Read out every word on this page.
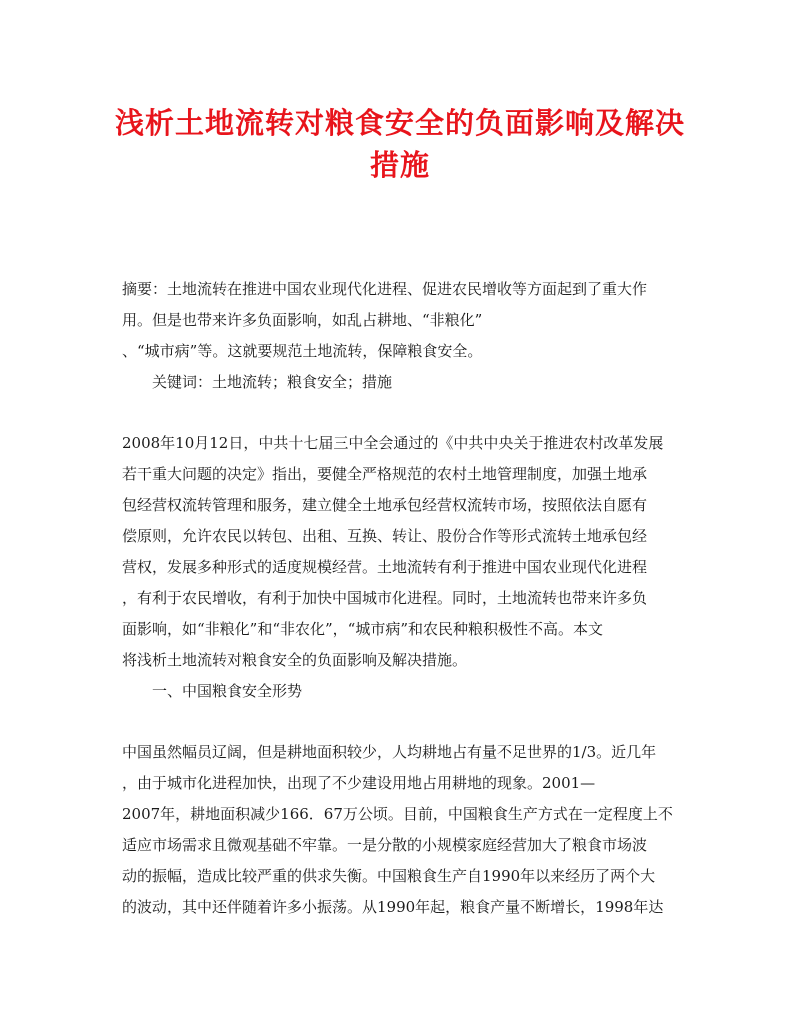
浅析土地流转对粮食安全的负面影响及解决
措施
摘要：土地流转在推进中国农业现代化进程、促进农民增收等方面起到了重大作
用。但是也带来许多负面影响，如乱占耕地、“非粮化”
、“城市病”等。这就要规范土地流转，保障粮食安全。
关键词：土地流转；粮食安全；措施
2008年10月12日，中共十七届三中全会通过的《中共中央关于推进农村改革发展
若干重大问题的决定》指出，要健全严格规范的农村土地管理制度，加强土地承
包经营权流转管理和服务，建立健全土地承包经营权流转市场，按照依法自愿有
偿原则，允许农民以转包、出租、互换、转让、股份合作等形式流转土地承包经
营权，发展多种形式的适度规模经营。土地流转有利于推进中国农业现代化进程
，有利于农民增收，有利于加快中国城市化进程。同时，土地流转也带来许多负
面影响，如“非粮化”和“非农化”，“城市病”和农民种粮积极性不高。本文
将浅析土地流转对粮食安全的负面影响及解决措施。
一、中国粮食安全形势
中国虽然幅员辽阔，但是耕地面积较少，人均耕地占有量不足世界的1/3。近几年
，由于城市化进程加快，出现了不少建设用地占用耕地的现象。2001—
2007年，耕地面积减少166．67万公顷。目前，中国粮食生产方式在一定程度上不
适应市场需求且微观基础不牢靠。一是分散的小规模家庭经营加大了粮食市场波
动的振幅，造成比较严重的供求失衡。中国粮食生产自1990年以来经历了两个大
的波动，其中还伴随着许多小振荡。从1990年起，粮食产量不断增长，1998年达
